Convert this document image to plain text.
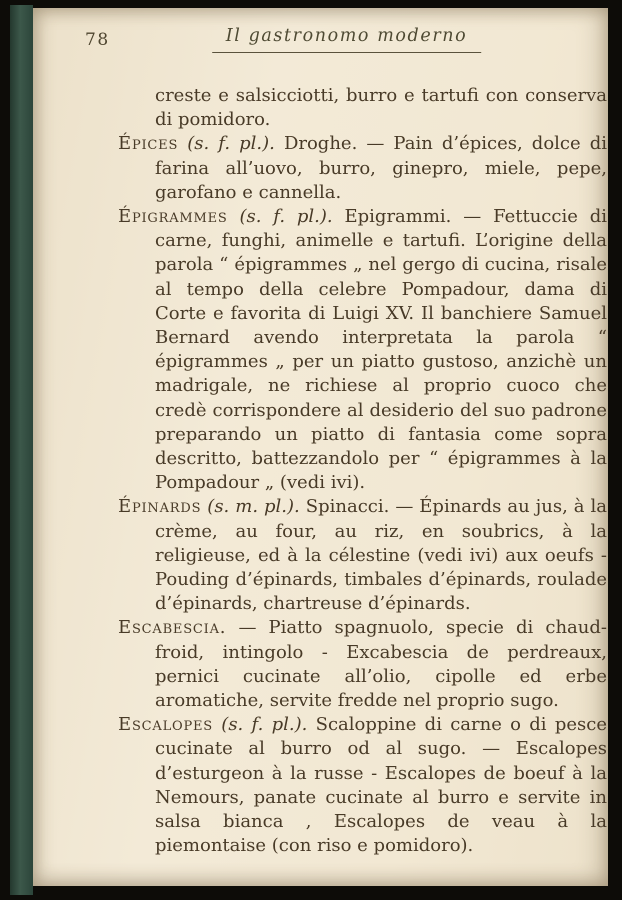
78	Il gastronomo moderno

creste e salsicciotti, burro e tartufi con conserva di pomidoro.

Épices (s. f. pl.). Droghe. — Pain d’épices, dolce di farina all’uovo, burro, ginepro, miele, pepe, garofano e cannella.

Épigrammes (s. f. pl.). Epigrammi. — Fettuccie di carne, funghi, animelle e tartufi. L’origine della parola “ épigrammes „ nel gergo di cucina, risale al tempo della celebre Pompadour, dama di Corte e favorita di Luigi XV. Il banchiere Samuel Bernard avendo interpretata la parola “ épigrammes „ per un piatto gustoso, anzichè un madrigale, ne richiese al proprio cuoco che credè corrispondere al desiderio del suo padrone preparando un piatto di fantasia come sopra descritto, battezzandolo per “ épigrammes à la Pompadour „ (vedi ivi).

Épinards (s. m. pl.). Spinacci. — Épinards au jus, à la crème, au four, au riz, en soubrics, à la religieuse, ed à la célestine (vedi ivi) aux oeufs - Pouding d’épinards, timbales d’épinards, roulade d’épinards, chartreuse d’épinards.

Escabescia. — Piatto spagnuolo, specie di chaud-froid, intingolo - Excabescia de perdreaux, pernici cucinate all’olio, cipolle ed erbe aromatiche, servite fredde nel proprio sugo.

Escalopes (s. f. pl.). Scaloppine di carne o di pesce cucinate al burro od al sugo. — Escalopes d’esturgeon à la russe - Escalopes de boeuf à la Nemours, panate cucinate al burro e servite in salsa bianca , Escalopes de veau à la piemontaise (con riso e pomidoro).
